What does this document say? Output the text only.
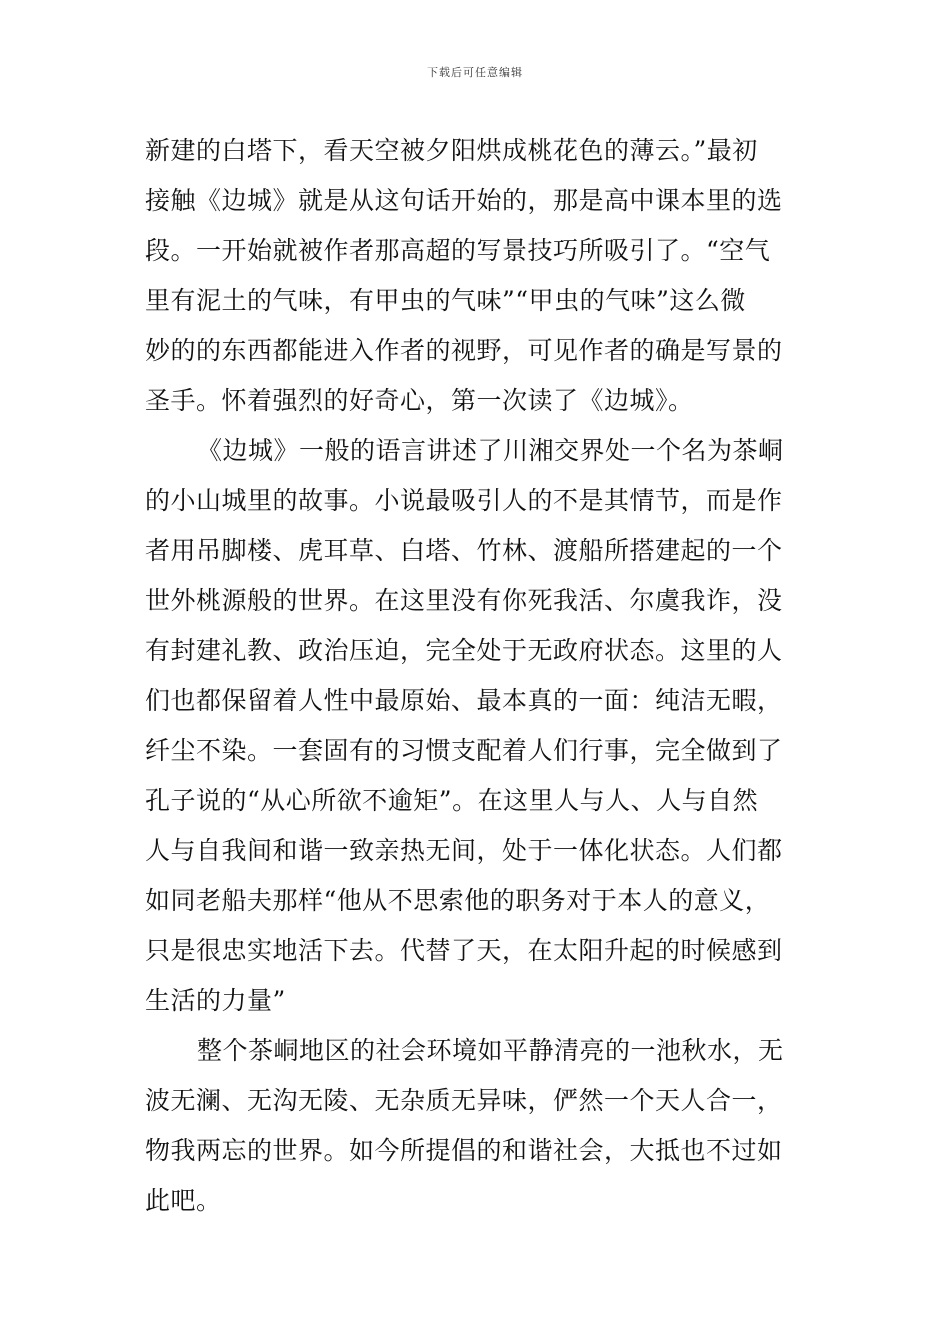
下载后可任意编辑
新建的白塔下，看天空被夕阳烘成桃花色的薄云。”最初
接触《边城》就是从这句话开始的，那是高中课本里的选
段。一开始就被作者那高超的写景技巧所吸引了。“空气
里有泥土的气味，有甲虫的气味”“甲虫的气味”这么微
妙的的东西都能进入作者的视野，可见作者的确是写景的
圣手。怀着强烈的好奇心，第一次读了《边城》。
《边城》一般的语言讲述了川湘交界处一个名为茶峒
的小山城里的故事。小说最吸引人的不是其情节，而是作
者用吊脚楼、虎耳草、白塔、竹林、渡船所搭建起的一个
世外桃源般的世界。在这里没有你死我活、尔虞我诈，没
有封建礼教、政治压迫，完全处于无政府状态。这里的人
们也都保留着人性中最原始、最本真的一面：纯洁无暇，
纤尘不染。一套固有的习惯支配着人们行事，完全做到了
孔子说的“从心所欲不逾矩”。在这里人与人、人与自然
人与自我间和谐一致亲热无间，处于一体化状态。人们都
如同老船夫那样“他从不思索他的职务对于本人的意义，
只是很忠实地活下去。代替了天，在太阳升起的时候感到
生活的力量”
整个茶峒地区的社会环境如平静清亮的一池秋水，无
波无澜、无沟无陵、无杂质无异味，俨然一个天人合一，
物我两忘的世界。如今所提倡的和谐社会，大抵也不过如
此吧。
